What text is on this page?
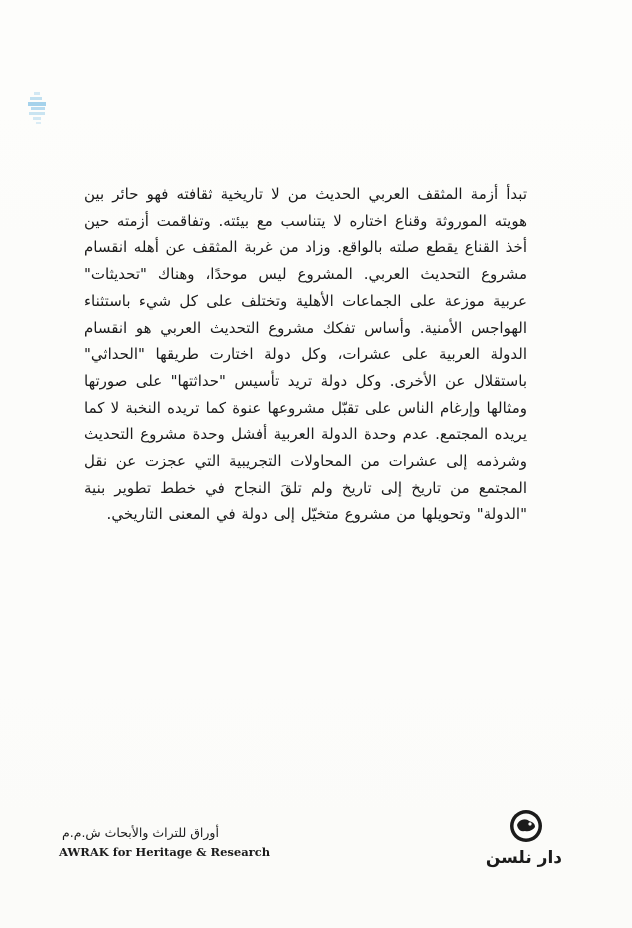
تبدأ أزمة المثقف العربي الحديث من لا تاريخية ثقافته فهو حائر بين هويته الموروثة وقناع اختاره لا يتناسب مع بيئته. وتفاقمت أزمته حين أخذ القناع يقطع صلته بالواقع. وزاد من غربة المثقف عن أهله انقسام مشروع التحديث العربي. المشروع ليس موحدًا، وهناك "تحديثات" عربية موزعة على الجماعات الأهلية وتختلف على كل شيء باستثناء الهواجس الأمنية. وأساس تفكك مشروع التحديث العربي هو انقسام الدولة العربية على عشرات، وكل دولة اختارت طريقها "الحداثي" باستقلال عن الأخرى. وكل دولة تريد تأسيس "حداثتها" على صورتها ومثالها وإرغام الناس على تقبّل مشروعها عنوة كما تريده النخبة لا كما يريده المجتمع. عدم وحدة الدولة العربية أفشل وحدة مشروع التحديث وشرذمه إلى عشرات من المحاولات التجريبية التي عجزت عن نقل المجتمع من تاريخ إلى تاريخ ولم تلقَ النجاح في خطط تطوير بنية "الدولة" وتحويلها من مشروع متخيّل إلى دولة في المعنى التاريخي.
أوراق للتراث والأبحاث ش.م.م
AWRAK for Heritage & Research	دار نلسن
